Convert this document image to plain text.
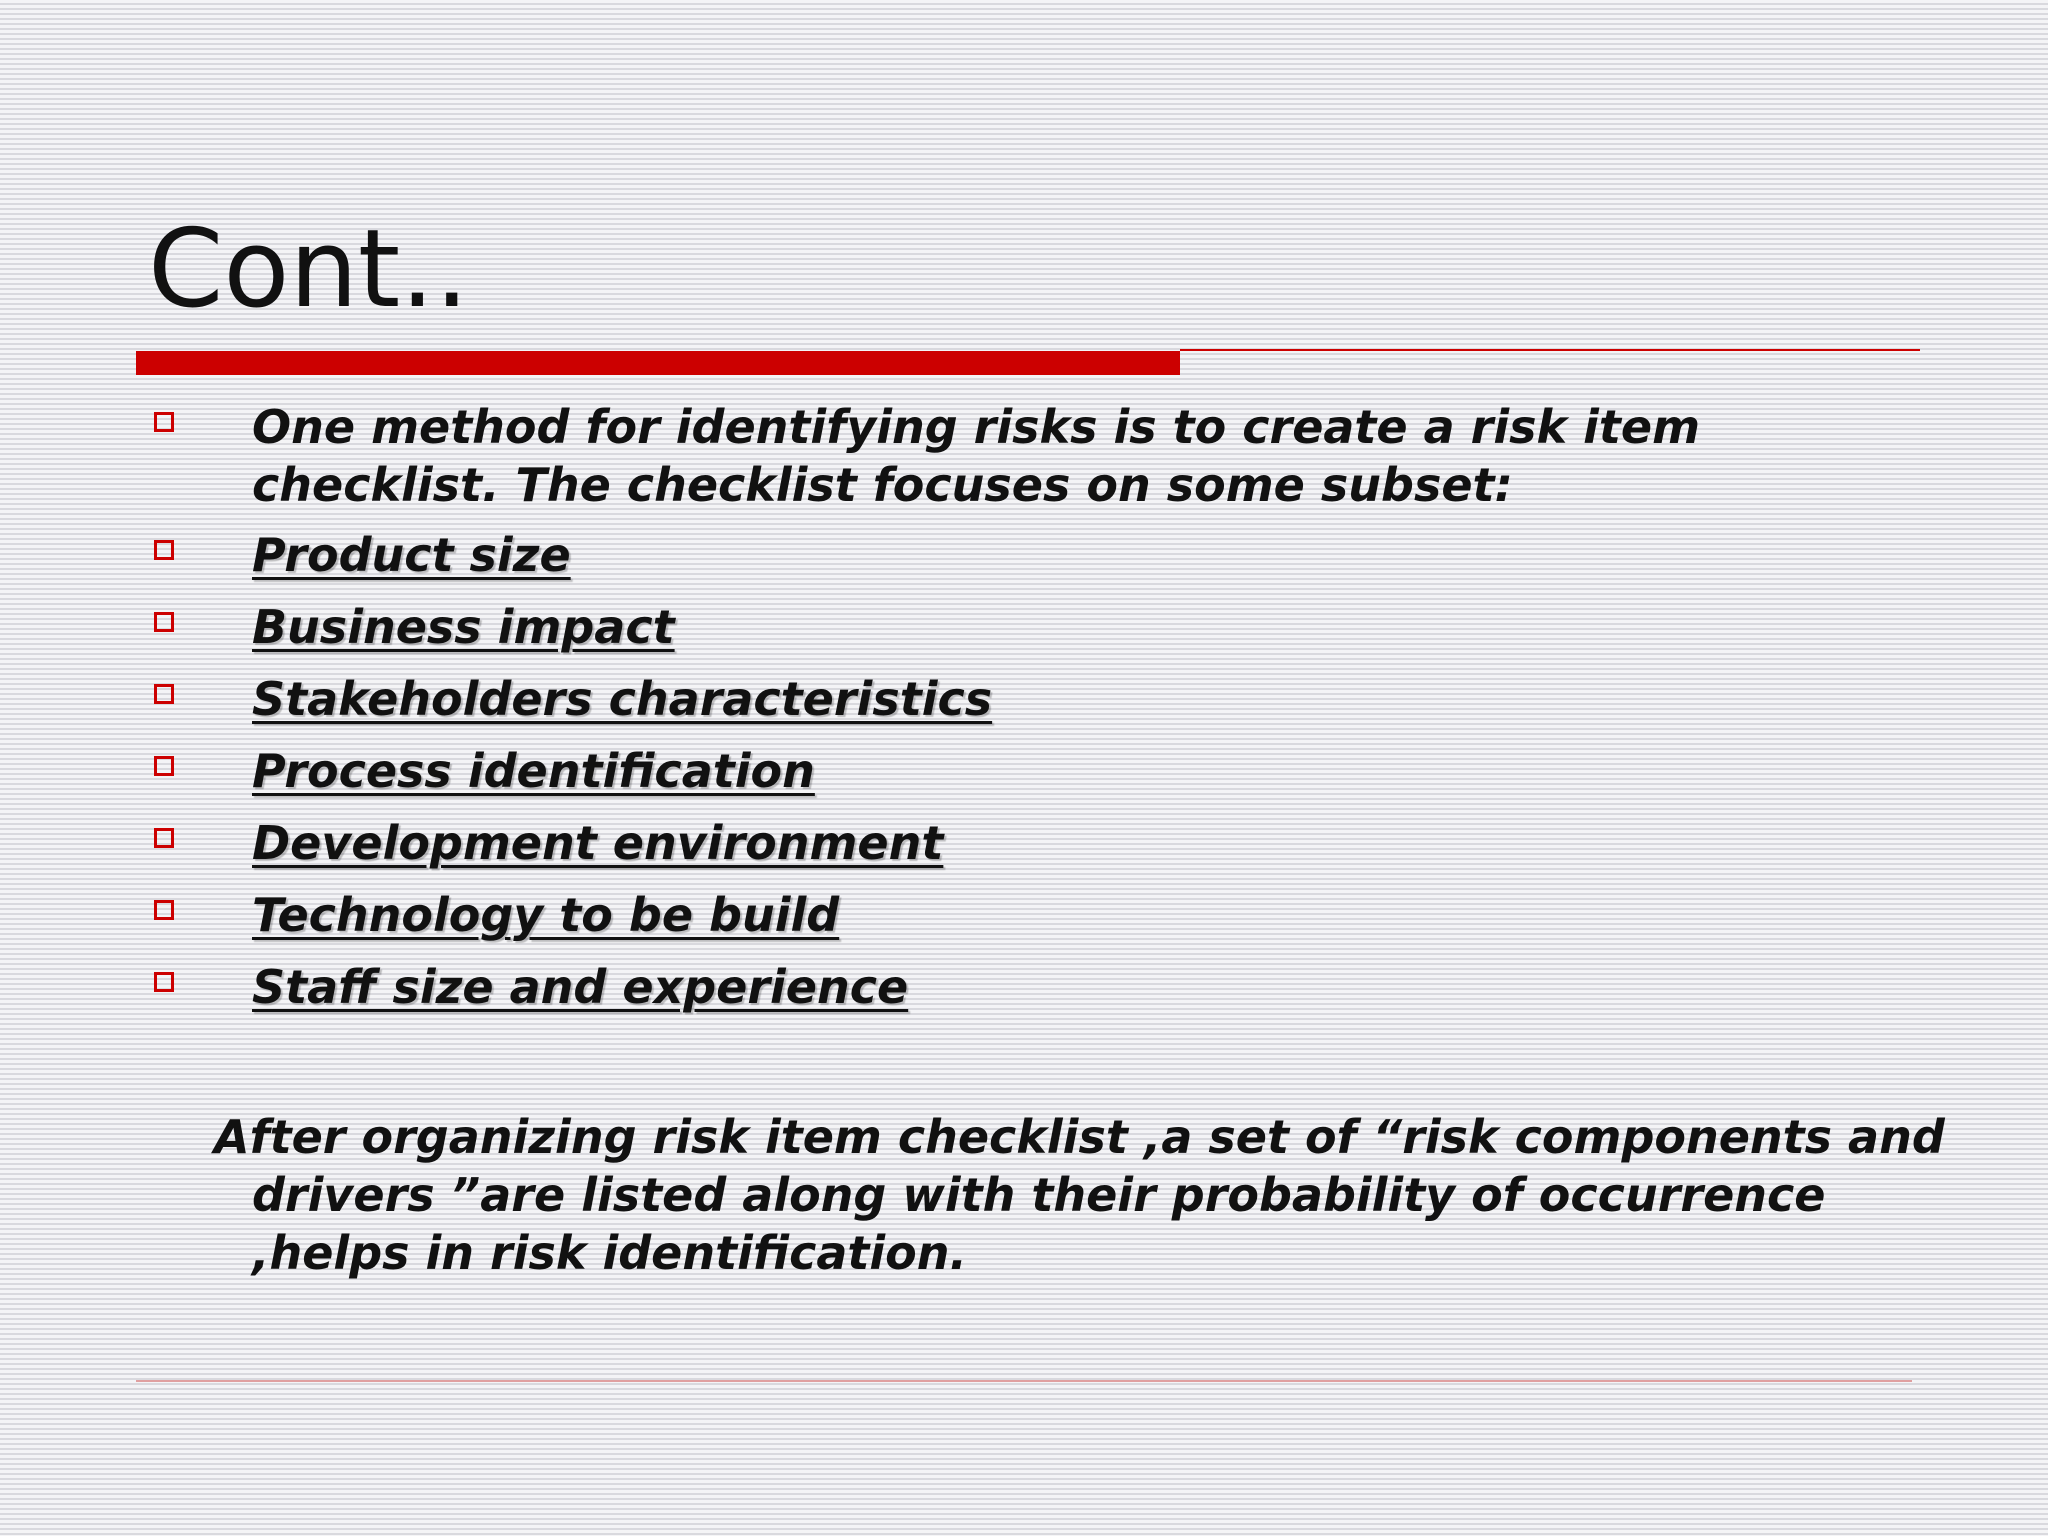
Cont..
One method for identifying risks is to create a risk item checklist. The checklist focuses on some subset:
Product size
Business impact
Stakeholders characteristics
Process identification
Development environment
Technology to be build
Staff size and experience

After organizing risk item checklist ,a set of “risk components and drivers ”are listed along with their probability of occurrence ,helps in risk identification.
